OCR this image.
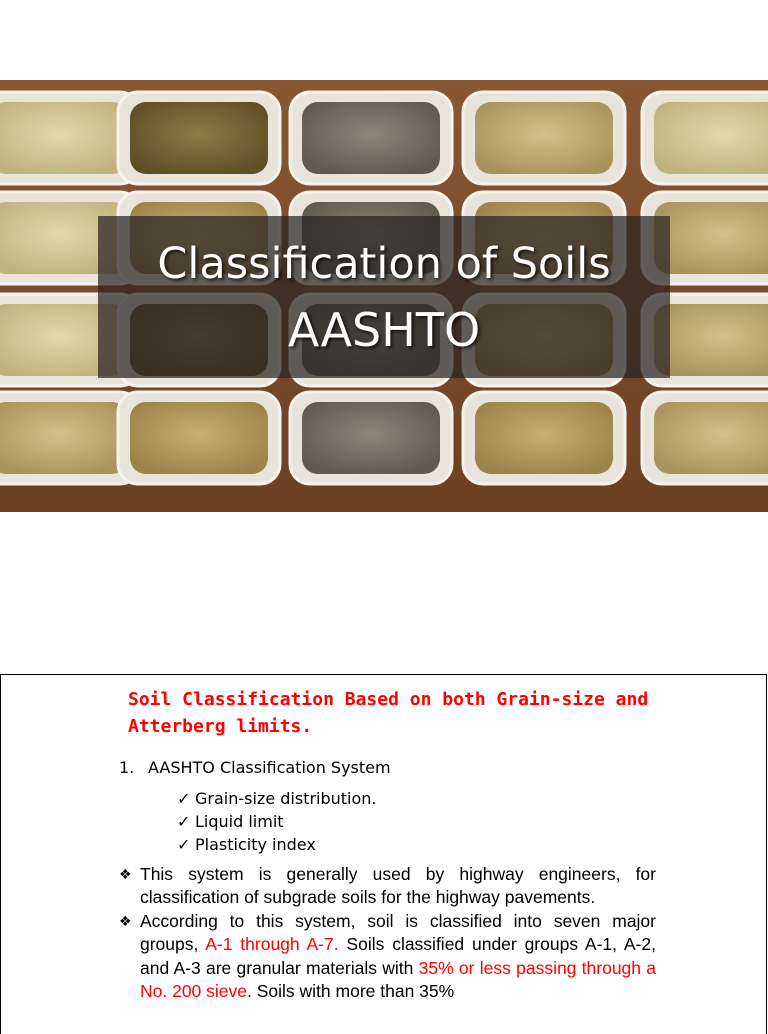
Classification of Soils
AASHTO
Soil Classification Based on both Grain-size and Atterberg limits.
1. AASHTO Classification System
✓ Grain-size distribution.
✓ Liquid limit
✓ Plasticity index
❖ This system is generally used by highway engineers, for classification of subgrade soils for the highway pavements.
❖ According to this system, soil is classified into seven major groups, A-1 through A-7. Soils classified under groups A-1, A-2, and A-3 are granular materials with 35% or less passing through a No. 200 sieve. Soils with more than 35%
